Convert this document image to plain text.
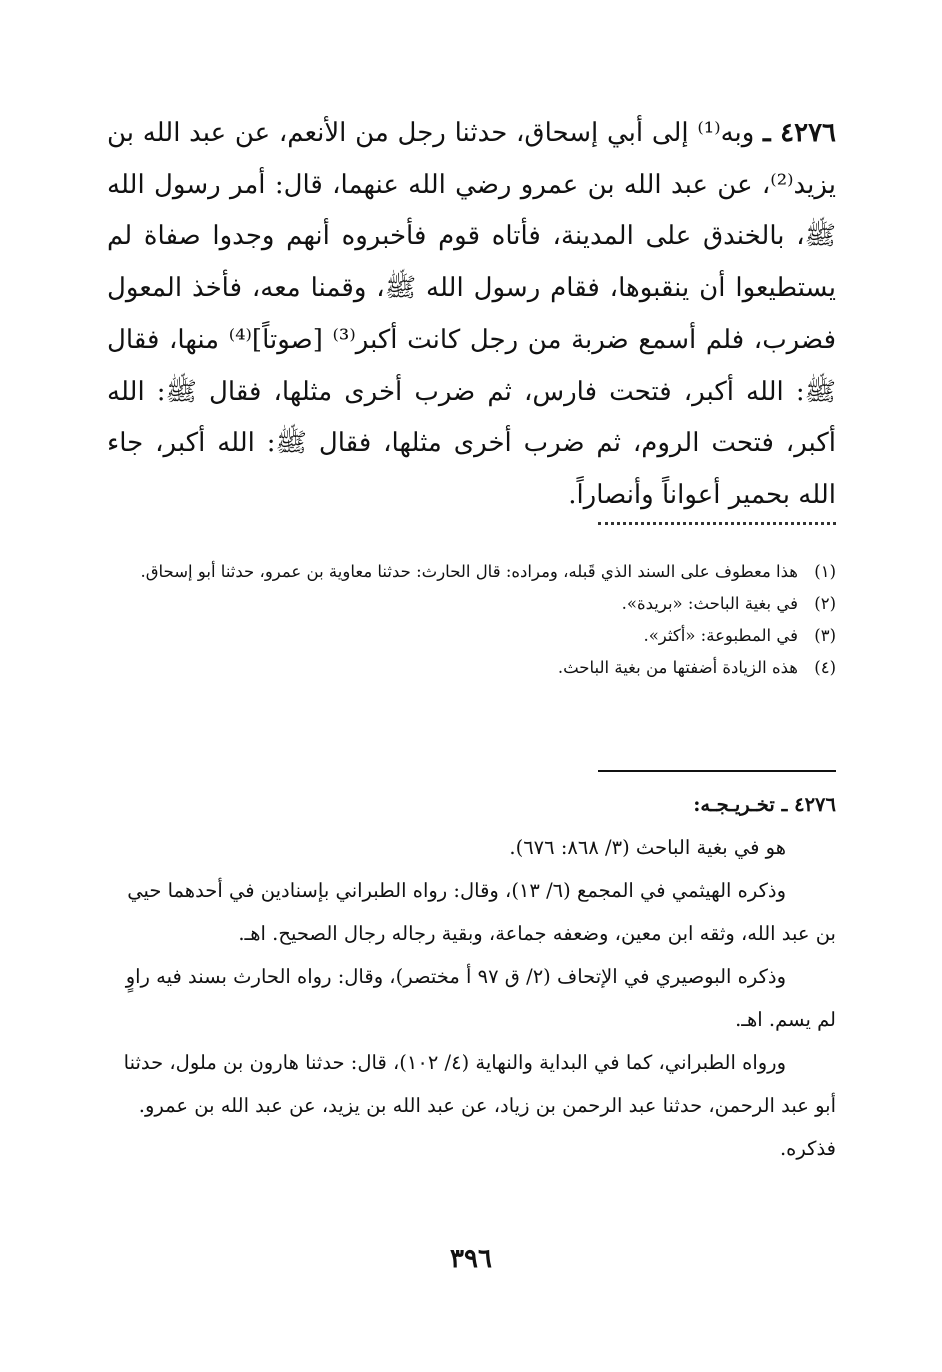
٤٢٧٦ ـ وبه⁽¹⁾ إلى أبي إسحاق، حدثنا رجل من الأنعم، عن عبد الله بن يزيد⁽²⁾، عن عبد الله بن عمرو رضي الله عنهما، قال: أمر رسول الله ﷺ، بالخندق على المدينة، فأتاه قوم فأخبروه أنهم وجدوا صفاة لم يستطيعوا أن ينقبوها، فقام رسول الله ﷺ، وقمنا معه، فأخذ المعول فضرب، فلم أسمع ضربة من رجل كانت أكبر⁽³⁾ [صوتاً]⁽⁴⁾ منها، فقال ﷺ: الله أكبر، فتحت فارس، ثم ضرب أخرى مثلها، فقال ﷺ: الله أكبر، فتحت الروم، ثم ضرب أخرى مثلها، فقال ﷺ: الله أكبر، جاء الله بحمير أعواناً وأنصاراً.

(١)
هذا معطوف على السند الذي قَبله، ومراده: قال الحارث: حدثنا معاوية بن عمرو، حدثنا أبو إسحاق.
(٢)
في بغية الباحث: «بريدة».
(٣)
في المطبوعة: «أكثر».
(٤)
هذه الزيادة أضفتها من بغية الباحث.

٤٢٧٦ ـ تخـريـجـه:

هو في بغية الباحث (٣/ ٨٦٨: ٦٧٦).

وذكره الهيثمي في المجمع (٦/ ١٣)، وقال: رواه الطبراني بإسنادين في أحدهما حيي بن عبد الله، وثقه ابن معين، وضعفه جماعة، وبقية رجاله رجال الصحيح. اهـ.

وذكره البوصيري في الإتحاف (٢/ ق ٩٧ أ مختصر)، وقال: رواه الحارث بسند فيه راوٍ لم يسم. اهـ.

ورواه الطبراني، كما في البداية والنهاية (٤/ ١٠٢)، قال: حدثنا هارون بن ملول، حدثنا أبو عبد الرحمن، حدثنا عبد الرحمن بن زياد، عن عبد الله بن يزيد، عن عبد الله بن عمرو. فذكره.

٣٩٦
